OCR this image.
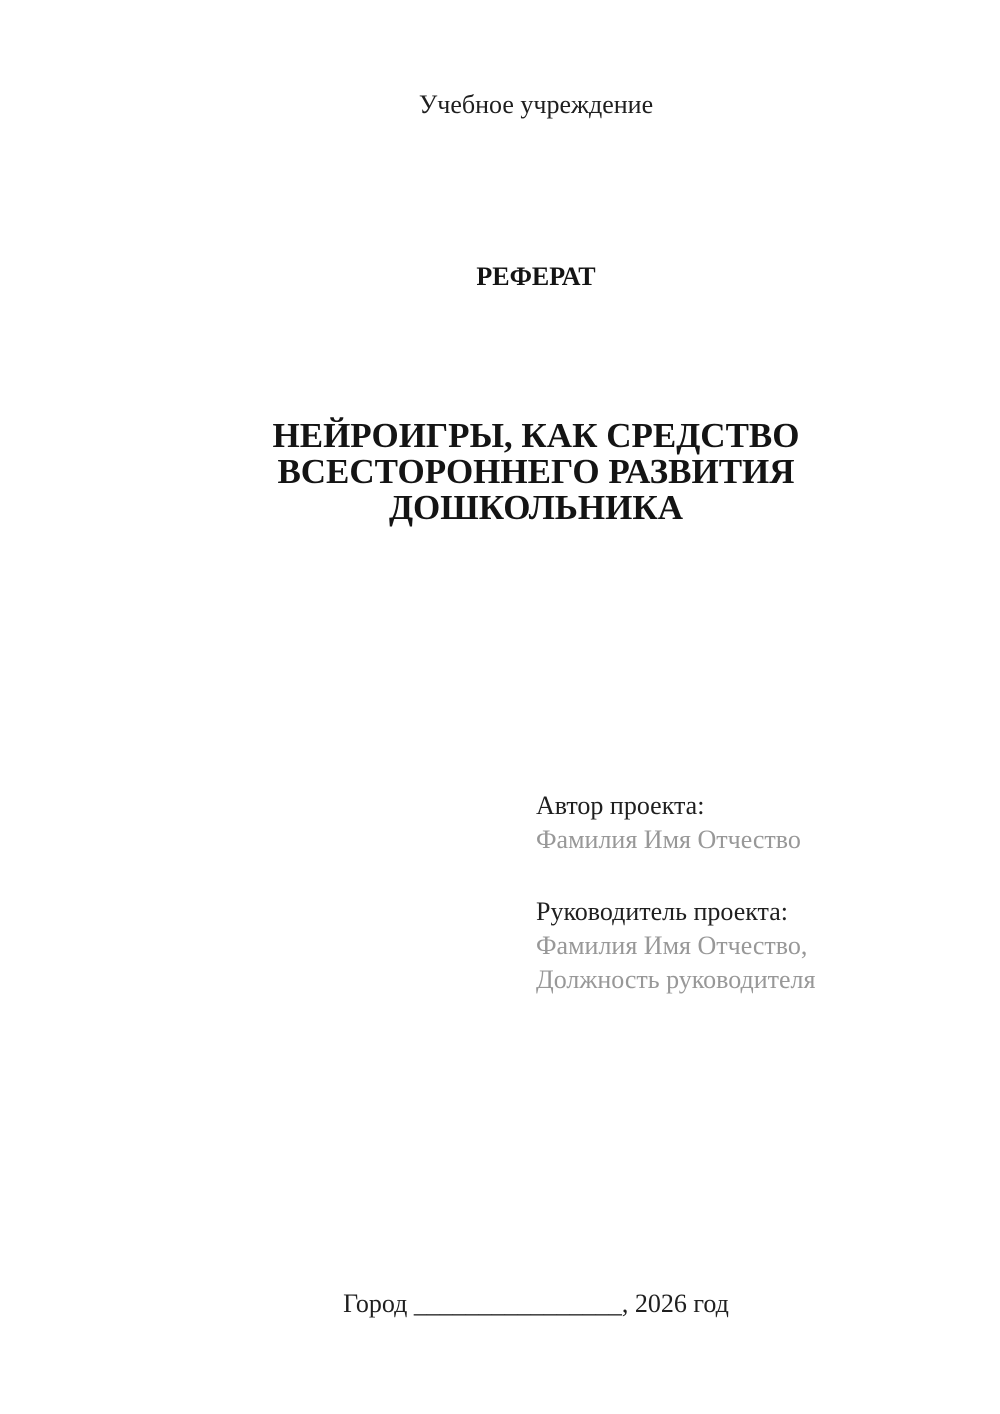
Учебное учреждение
РЕФЕРАТ
НЕЙРОИГРЫ, КАК СРЕДСТВО
ВСЕСТОРОННЕГО РАЗВИТИЯ
ДОШКОЛЬНИКА
Автор проекта:
Фамилия Имя Отчество
Руководитель проекта:
Фамилия Имя Отчество,
Должность руководителя
Город ________________, 2026 год
